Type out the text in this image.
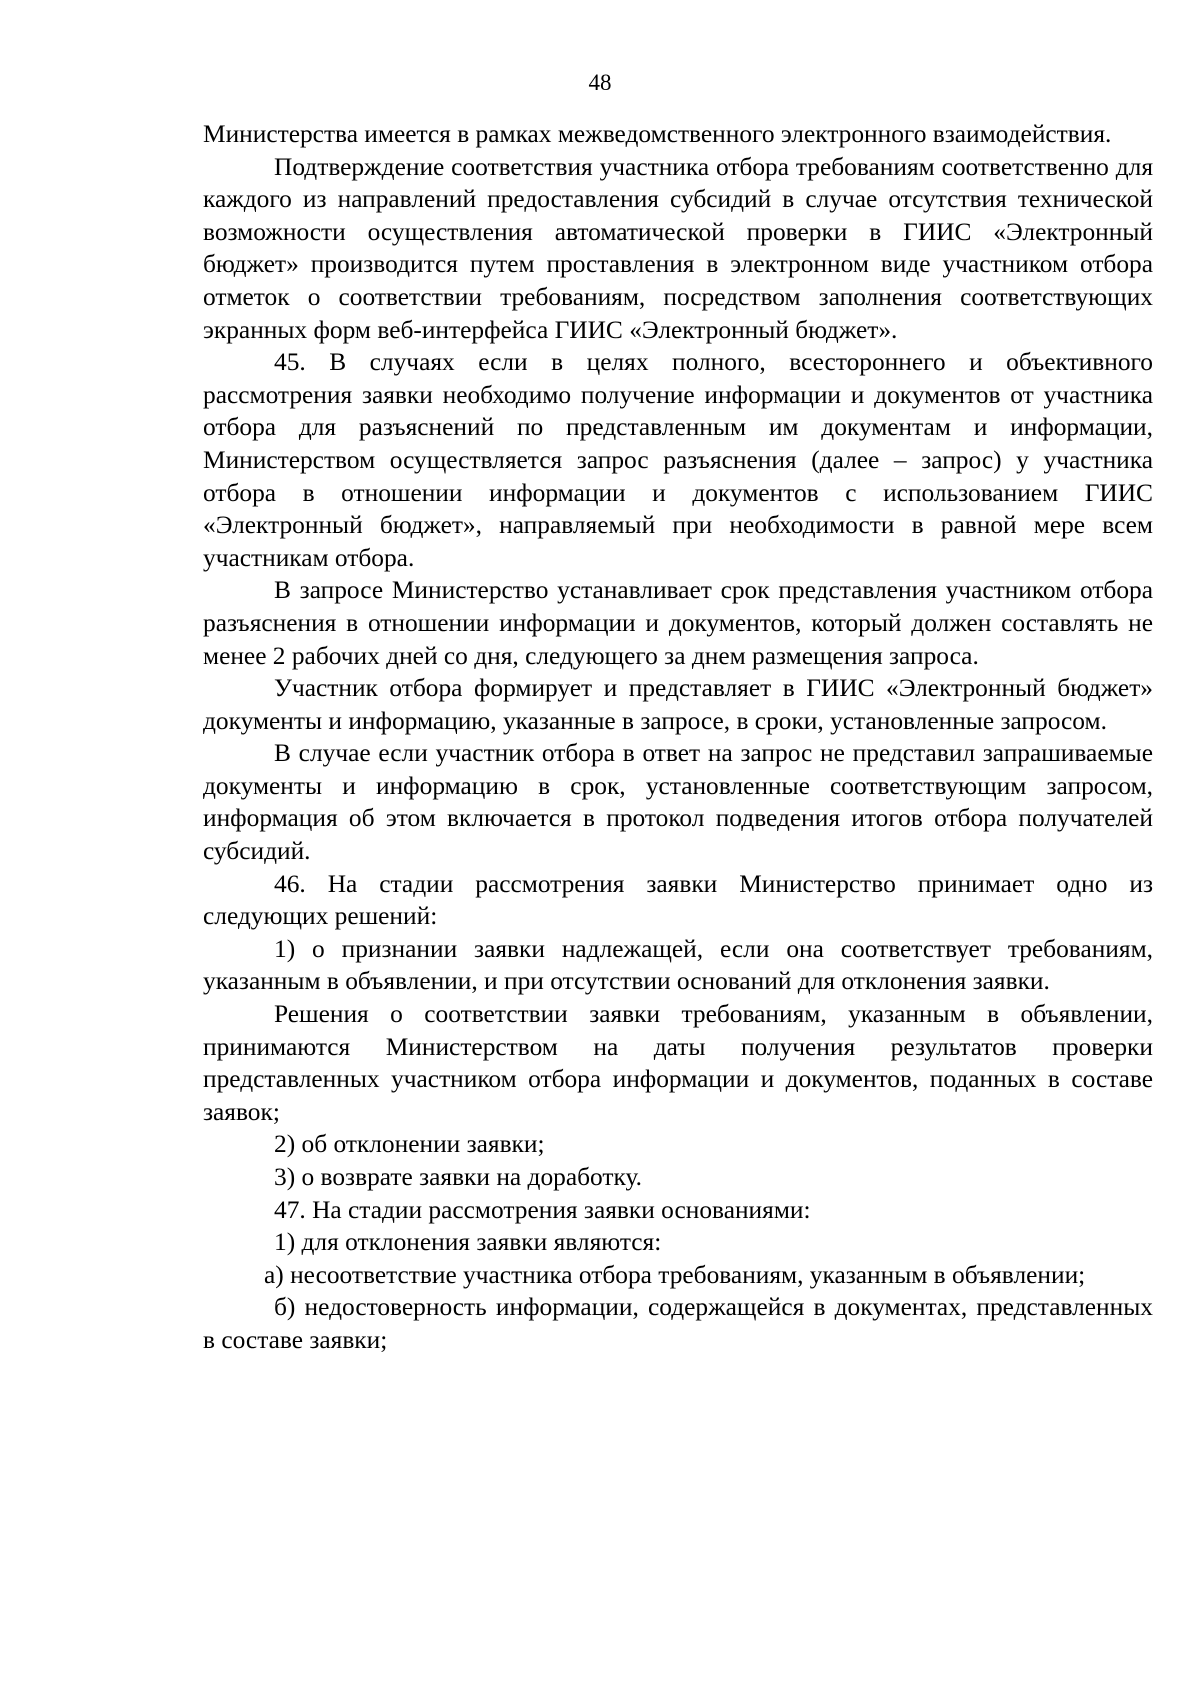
48

Министерства имеется в рамках межведомственного электронного взаимодействия.

Подтверждение соответствия участника отбора требованиям соответственно для каждого из направлений предоставления субсидий в случае отсутствия технической возможности осуществления автоматической проверки в ГИИС «Электронный бюджет» производится путем проставления в электронном виде участником отбора отметок о соответствии требованиям, посредством заполнения соответствующих экранных форм веб-интерфейса ГИИС «Электронный бюджет».

45. В случаях если в целях полного, всестороннего и объективного рассмотрения заявки необходимо получение информации и документов от участника отбора для разъяснений по представленным им документам и информации, Министерством осуществляется запрос разъяснения (далее – запрос) у участника отбора в отношении информации и документов с использованием ГИИС «Электронный бюджет», направляемый при необходимости в равной мере всем участникам отбора.

В запросе Министерство устанавливает срок представления участником отбора разъяснения в отношении информации и документов, который должен составлять не менее 2 рабочих дней со дня, следующего за днем размещения запроса.

Участник отбора формирует и представляет в ГИИС «Электронный бюджет» документы и информацию, указанные в запросе, в сроки, установленные запросом.

В случае если участник отбора в ответ на запрос не представил запрашиваемые документы и информацию в срок, установленные соответствующим запросом, информация об этом включается в протокол подведения итогов отбора получателей субсидий.

46. На стадии рассмотрения заявки Министерство принимает одно из следующих решений:

1) о признании заявки надлежащей, если она соответствует требованиям, указанным в объявлении, и при отсутствии оснований для отклонения заявки.

Решения о соответствии заявки требованиям, указанным в объявлении, принимаются Министерством на даты получения результатов проверки представленных участником отбора информации и документов, поданных в составе заявок;

2) об отклонении заявки;

3) о возврате заявки на доработку.

47. На стадии рассмотрения заявки основаниями:

1) для отклонения заявки являются:

а) несоответствие участника отбора требованиям, указанным в объявлении;

б) недостоверность информации, содержащейся в документах, представленных в составе заявки;
